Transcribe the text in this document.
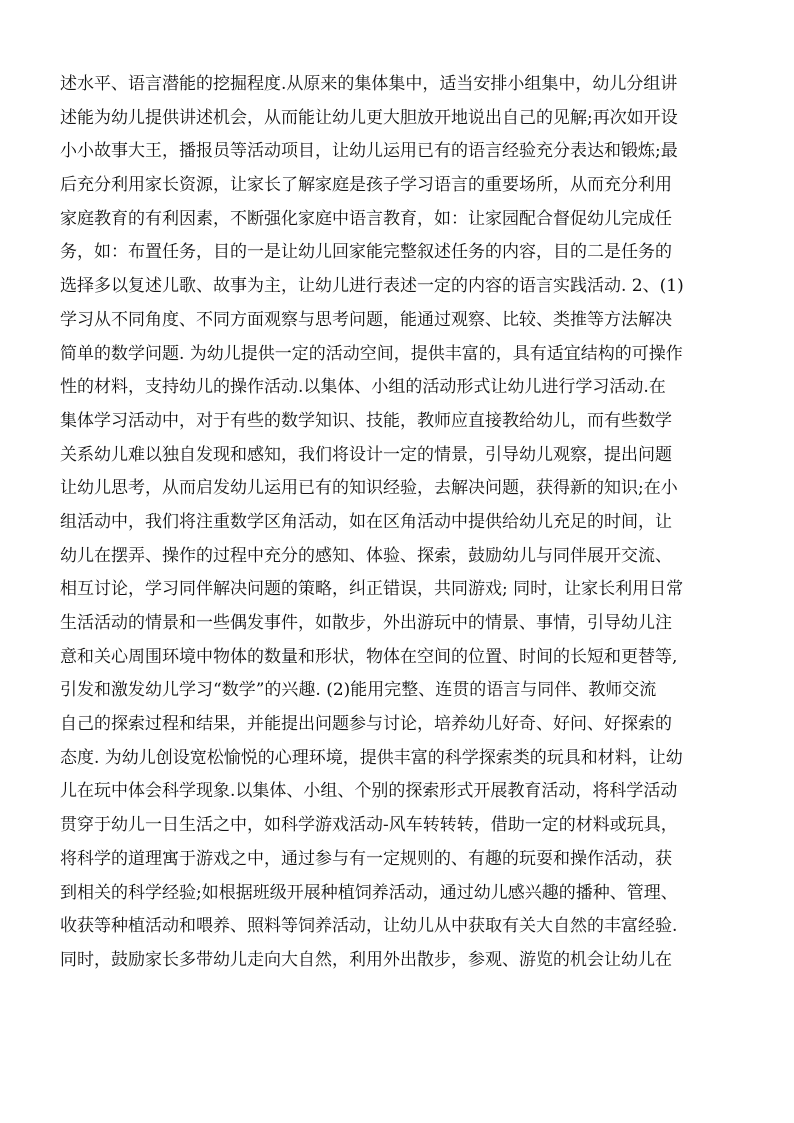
述水平、语言潜能的挖掘程度.从原来的集体集中，适当安排小组集中，幼儿分组讲
述能为幼儿提供讲述机会，从而能让幼儿更大胆放开地说出自己的见解;再次如开设
小小故事大王，播报员等活动项目，让幼儿运用已有的语言经验充分表达和锻炼;最
后充分利用家长资源，让家长了解家庭是孩子学习语言的重要场所，从而充分利用
家庭教育的有利因素，不断强化家庭中语言教育，如：让家园配合督促幼儿完成任
务，如：布置任务，目的一是让幼儿回家能完整叙述任务的内容，目的二是任务的
选择多以复述儿歌、故事为主，让幼儿进行表述一定的内容的语言实践活动. 2、(1)
学习从不同角度、不同方面观察与思考问题，能通过观察、比较、类推等方法解决
简单的数学问题. 为幼儿提供一定的活动空间，提供丰富的，具有适宜结构的可操作
性的材料，支持幼儿的操作活动.以集体、小组的活动形式让幼儿进行学习活动.在
集体学习活动中，对于有些的数学知识、技能，教师应直接教给幼儿，而有些数学
关系幼儿难以独自发现和感知，我们将设计一定的情景，引导幼儿观察，提出问题
让幼儿思考，从而启发幼儿运用已有的知识经验，去解决问题，获得新的知识;在小
组活动中，我们将注重数学区角活动，如在区角活动中提供给幼儿充足的时间，让
幼儿在摆弄、操作的过程中充分的感知、体验、探索，鼓励幼儿与同伴展开交流、
相互讨论，学习同伴解决问题的策略，纠正错误，共同游戏; 同时，让家长利用日常
生活活动的情景和一些偶发事件，如散步，外出游玩中的情景、事情，引导幼儿注
意和关心周围环境中物体的数量和形状，物体在空间的位置、时间的长短和更替等,
引发和激发幼儿学习“数学”的兴趣. (2)能用完整、连贯的语言与同伴、教师交流
自己的探索过程和结果，并能提出问题参与讨论，培养幼儿好奇、好问、好探索的
态度. 为幼儿创设宽松愉悦的心理环境，提供丰富的科学探索类的玩具和材料，让幼
儿在玩中体会科学现象.以集体、小组、个别的探索形式开展教育活动，将科学活动
贯穿于幼儿一日生活之中，如科学游戏活动-风车转转转，借助一定的材料或玩具，
将科学的道理寓于游戏之中，通过参与有一定规则的、有趣的玩耍和操作活动，获
到相关的科学经验;如根据班级开展种植饲养活动，通过幼儿感兴趣的播种、管理、
收获等种植活动和喂养、照料等饲养活动，让幼儿从中获取有关大自然的丰富经验.
同时，鼓励家长多带幼儿走向大自然，利用外出散步，参观、游览的机会让幼儿在
